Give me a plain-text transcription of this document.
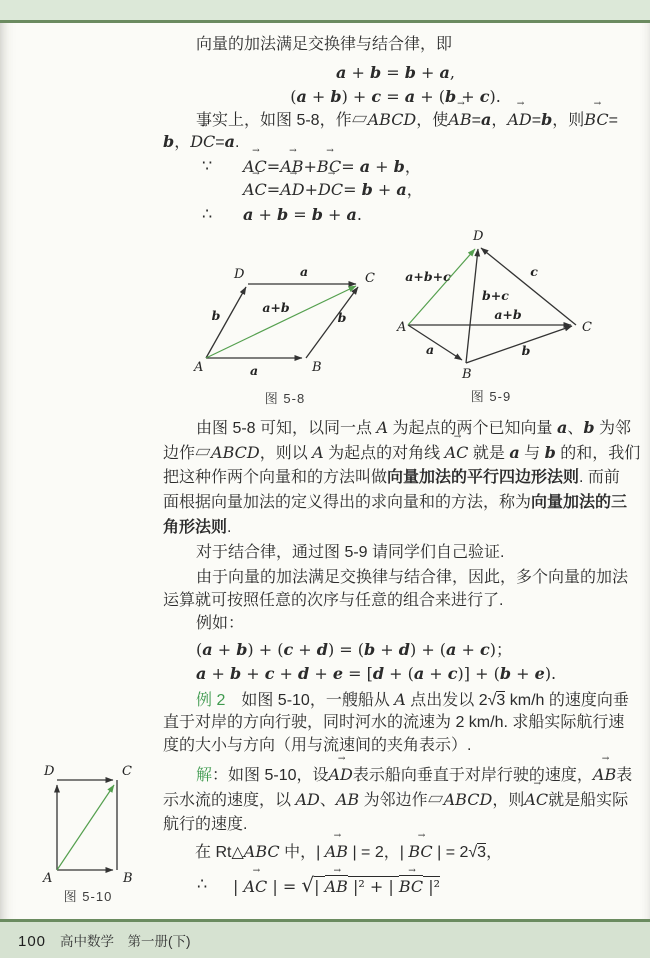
向量的加法满足交换律与结合律，即
a + b = b + a,
(a + b) + c = a + (b + c).
事实上，如图 5-8，作▱ABCD，使AB →=a，AD →=b，则BC →=
b，DC →=a.
∵ AC →=AB →+BC →= a + b，
AC →=AD →+DC →= b + a，
∴ a + b = b + a.
A	B
C
D
a
b
a
b
a+b
图 5-8
A
B
C
D
a	b
a+b
b+c
c
a+b+c
图 5-9
由图 5-8 可知，以同一点 A 为起点的两个已知向量 a、b 为邻
边作▱ABCD，则以 A 为起点的对角线 AC → 就是 a 与 b 的和，我们
把这种作两个向量和的方法叫做向量加法的平行四边形法则. 而前
面根据向量加法的定义得出的求向量和的方法，称为向量加法的三
角形法则.
对于结合律，通过图 5-9 请同学们自己验证.
由于向量的加法满足交换律与结合律，因此，多个向量的加法
运算就可按照任意的次序与任意的组合来进行了.
例如：
(a + b) + (c + d) = (b + d) + (a + c)；
a + b + c + d + e = [d + (a + c)] + (b + e).
例 2　如图 5-10，一艘船从 A 点出发以 2√3 km/h 的速度向垂
直于对岸的方向行驶，同时河水的流速为 2 km/h. 求船实际航行速
度的大小与方向（用与流速间的夹角表示）.
解：如图 5-10，设AD →表示船向垂直于对岸行驶的速度，AB →表
示水流的速度，以 AD、AB 为邻边作▱ABCD，则AC →就是船实际
航行的速度.
在 Rt△ABC 中，| AB → | = 2，| BC → | = 2√3，
∴ | AC → | = √| AB → |² + | BC → |²
D	C
A	B
图 5-10
100 高中数学　第一册(下)
